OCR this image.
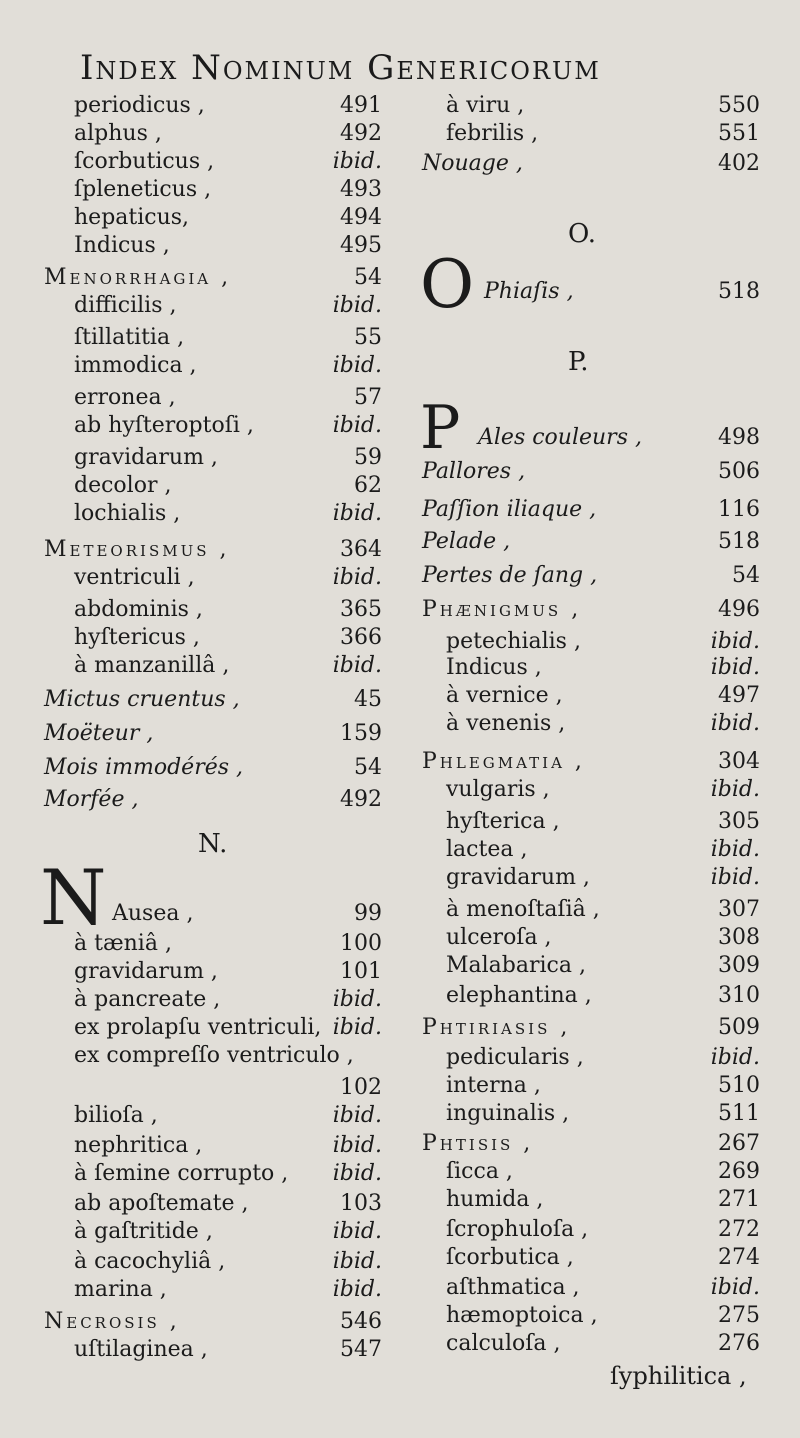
Index Nominum Genericorum
periodicus ,	491
alphus ,	492
ſcorbuticus ,	ibid.
ſpleneticus ,	493
hepaticus,	494
Indicus ,	495
Menorrhagia ,	54
difficilis ,	ibid.
ſtillatitia ,	55
immodica ,	ibid.
erronea ,	57
ab hyſteroptoſi ,	ibid.
gravidarum ,	59
decolor ,	62
lochialis ,	ibid.
Meteorismus ,	364
ventriculi ,	ibid.
abdominis ,	365
hyſtericus ,	366
à manzanillâ ,	ibid.
Mictus cruentus ,	45
Moëteur ,	159
Mois immodérés ,	54
Morfée ,	492
N.
Ausea ,	99
à tæniâ ,	100
gravidarum ,	101
à pancreate ,	ibid.
ex prolapſu ventriculi, ibid.
ex compreſſo ventriculo ,
102
bilioſa ,	ibid.
nephritica ,	ibid.
à ſemine corrupto , ibid.
ab apoſtemate ,	103
à gaſtritide ,	ibid.
à cacochyliâ ,	ibid.
marina ,	ibid.
Necrosis ,	546
uſtilaginea ,	547
N
à viru ,	550
febrilis ,	551
Nouage ,	402
O.
Phiaſis ,	518
P.
Ales couleurs ,	498
Pallores ,	506
Paſſion iliaque ,	116
Pelade ,	518
Pertes de ſang ,	54
Phænigmus ,	496
petechialis ,	ibid.
Indicus ,	ibid.
à vernice ,	497
à venenis ,	ibid.
Phlegmatia ,	304
vulgaris ,	ibid.
hyſterica ,	305
lactea ,	ibid.
gravidarum ,	ibid.
à menoſtaſiâ ,	307
ulceroſa ,	308
Malabarica ,	309
elephantina ,	310
Phtiriasis ,	509
pedicularis ,	ibid.
interna ,	510
inguinalis ,	511
Phtisis ,	267
ſicca ,	269
humida ,	271
ſcrophuloſa ,	272
ſcorbutica ,	274
aſthmatica ,	ibid.
hæmoptoica ,	275
calculoſa ,	276
O
P
ſyphilitica ,
